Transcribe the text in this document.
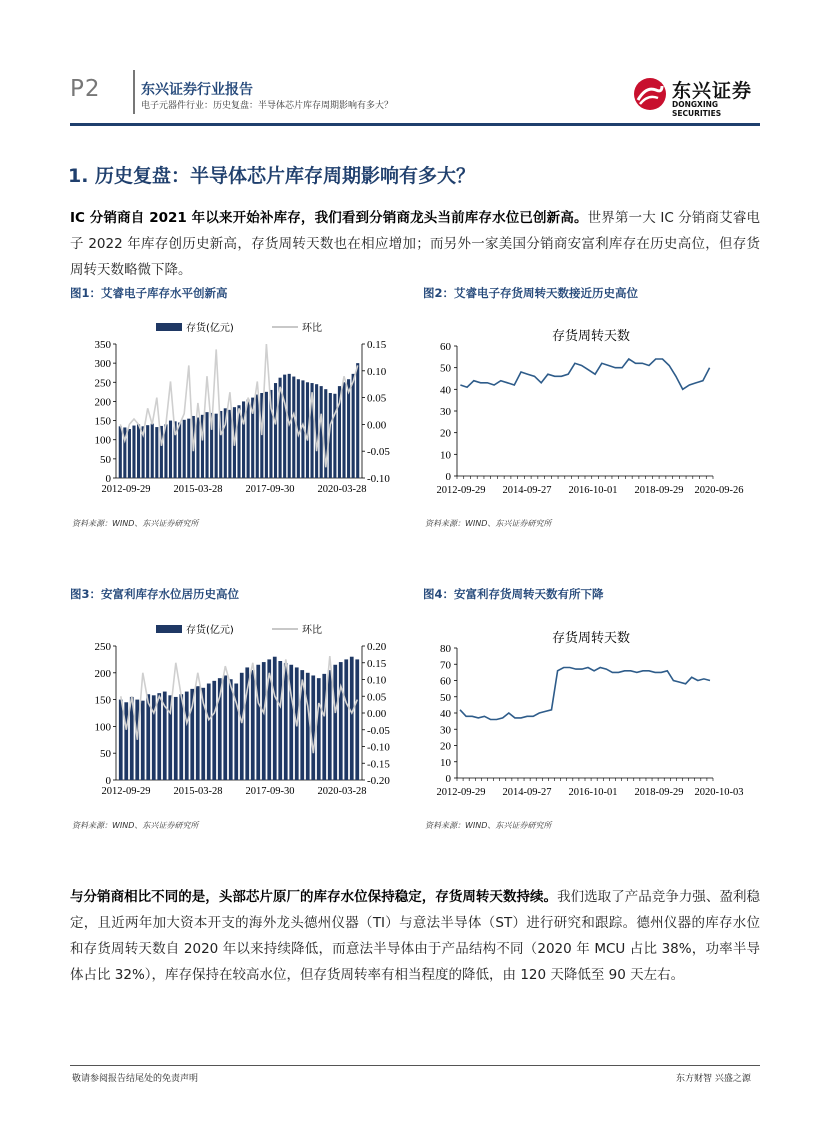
P2	东兴证券行业报告
电子元器件行业：历史复盘：半导体芯片库存周期影响有多大？
东兴证券
DONGXING SECURITIES
1. 历史复盘：半导体芯片库存周期影响有多大？
IC 分销商自 2021 年以来开始补库存，我们看到分销商龙头当前库存水位已创新高。世界第一大 IC 分销商艾睿电子 2022 年库存创历史新高，存货周转天数也在相应增加；而另外一家美国分销商安富利库存在历史高位，但存货周转天数略微下降。
图1：艾睿电子库存水平创新高	图2：艾睿电子存货周转天数接近历史高位
图3：安富利库存水位居历史高位	图4：安富利存货周转天数有所下降
存货(亿元)	环比
0
50
100
150
200
250
300
350
-0.10
-0.05
0.00
0.05
0.10
0.15
2012-09-29 2015-03-28 2017-09-30 2020-03-28
存货周转天数
0
10
20
30
40
50
60
2012-09-29 2014-09-27 2016-10-01 2018-09-29 2020-09-26
存货(亿元)	环比
0
50
100
150
200
250
-0.20
-0.15
-0.10
-0.05
0.00
0.05
0.10
0.15
0.20
2012-09-29 2015-03-28 2017-09-30 2020-03-28
存货周转天数
0
10
20
30
40
50
60
70
80
2012-09-29 2014-09-27 2016-10-01 2018-09-29 2020-10-03
资料来源：WIND、东兴证券研究所	资料来源：WIND、东兴证券研究所
资料来源：WIND、东兴证券研究所	资料来源：WIND、东兴证券研究所
与分销商相比不同的是，头部芯片原厂的库存水位保持稳定，存货周转天数持续。我们选取了产品竞争力强、盈利稳定，且近两年加大资本开支的海外龙头德州仪器（TI）与意法半导体（ST）进行研究和跟踪。德州仪器的库存水位和存货周转天数自 2020 年以来持续降低，而意法半导体由于产品结构不同（2020 年 MCU 占比 38%，功率半导体占比 32%），库存保持在较高水位，但存货周转率有相当程度的降低，由 120 天降低至 90 天左右。
敬请参阅报告结尾处的免责声明	东方财智 兴盛之源
